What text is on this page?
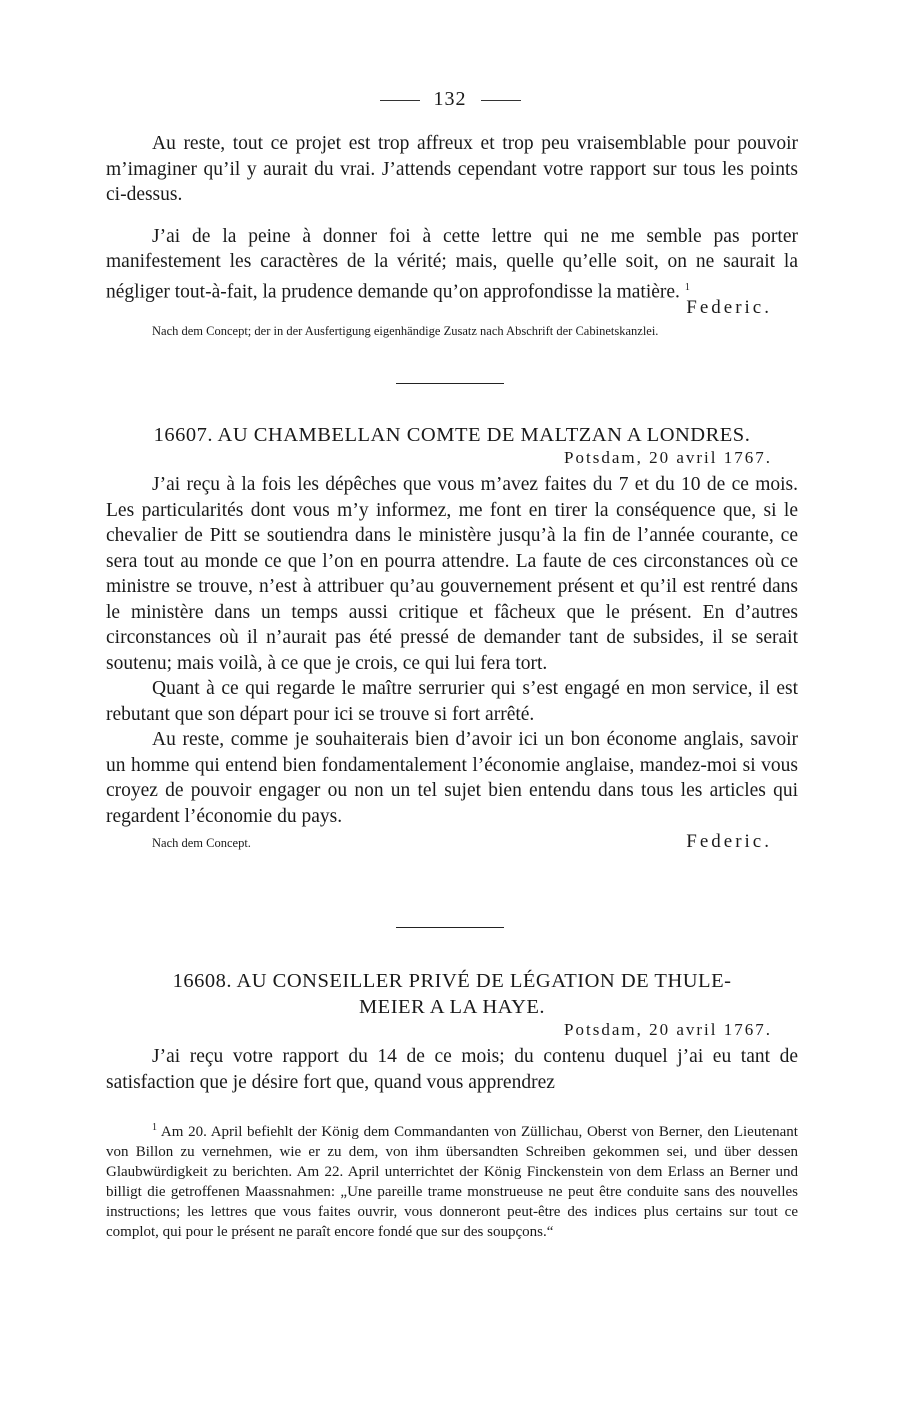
132

Au reste, tout ce projet est trop affreux et trop peu vraisemblable pour pouvoir m’imaginer qu’il y aurait du vrai. J’attends cependant votre rapport sur tous les points ci-dessus.

J’ai de la peine à donner foi à cette lettre qui ne me semble pas porter manifestement les caractères de la vérité; mais, quelle qu’elle soit, on ne saurait la négliger tout-à-fait, la prudence demande qu’on approfondisse la matière. $^1$

Federic.

Nach dem Concept; der in der Ausfertigung eigenhändige Zusatz nach Abschrift der Cabinetskanzlei.

16607. AU CHAMBELLAN COMTE DE MALTZAN A LONDRES.

Potsdam, 20 avril 1767.

J’ai reçu à la fois les dépêches que vous m’avez faites du 7 et du 10 de ce mois. Les particularités dont vous m’y informez, me font en tirer la conséquence que, si le chevalier de Pitt se soutiendra dans le ministère jusqu’à la fin de l’année courante, ce sera tout au monde ce que l’on en pourra attendre. La faute de ces circonstances où ce ministre se trouve, n’est à attribuer qu’au gouvernement présent et qu’il est rentré dans le ministère dans un temps aussi critique et fâcheux que le présent. En d’autres circonstances où il n’aurait pas été pressé de demander tant de subsides, il se serait soutenu; mais voilà, à ce que je crois, ce qui lui fera tort.

Quant à ce qui regarde le maître serrurier qui s’est engagé en mon service, il est rebutant que son départ pour ici se trouve si fort arrêté.

Au reste, comme je souhaiterais bien d’avoir ici un bon économe anglais, savoir un homme qui entend bien fondamentalement l’économie anglaise, mandez-moi si vous croyez de pouvoir engager ou non un tel sujet bien entendu dans tous les articles qui regardent l’économie du pays.

Nach dem Concept.	Federic.

16608. AU CONSEILLER PRIVÉ DE LÉGATION DE THULE-

MEIER A LA HAYE.

Potsdam, 20 avril 1767.

J’ai reçu votre rapport du 14 de ce mois; du contenu duquel j’ai eu tant de satisfaction que je désire fort que, quand vous apprendrez

$^1$ Am 20. April befiehlt der König dem Commandanten von Züllichau, Oberst von Berner, den Lieutenant von Billon zu vernehmen, wie er zu dem, von ihm übersandten Schreiben gekommen sei, und über dessen Glaubwürdigkeit zu berichten. Am 22. April unterrichtet der König Finckenstein von dem Erlass an Berner und billigt die getroffenen Maassnahmen: „Une pareille trame monstrueuse ne peut être conduite sans des nouvelles instructions; les lettres que vous faites ouvrir, vous donneront peut-être des indices plus certains sur tout ce complot, qui pour le présent ne paraît encore fondé que sur des soupçons.“
